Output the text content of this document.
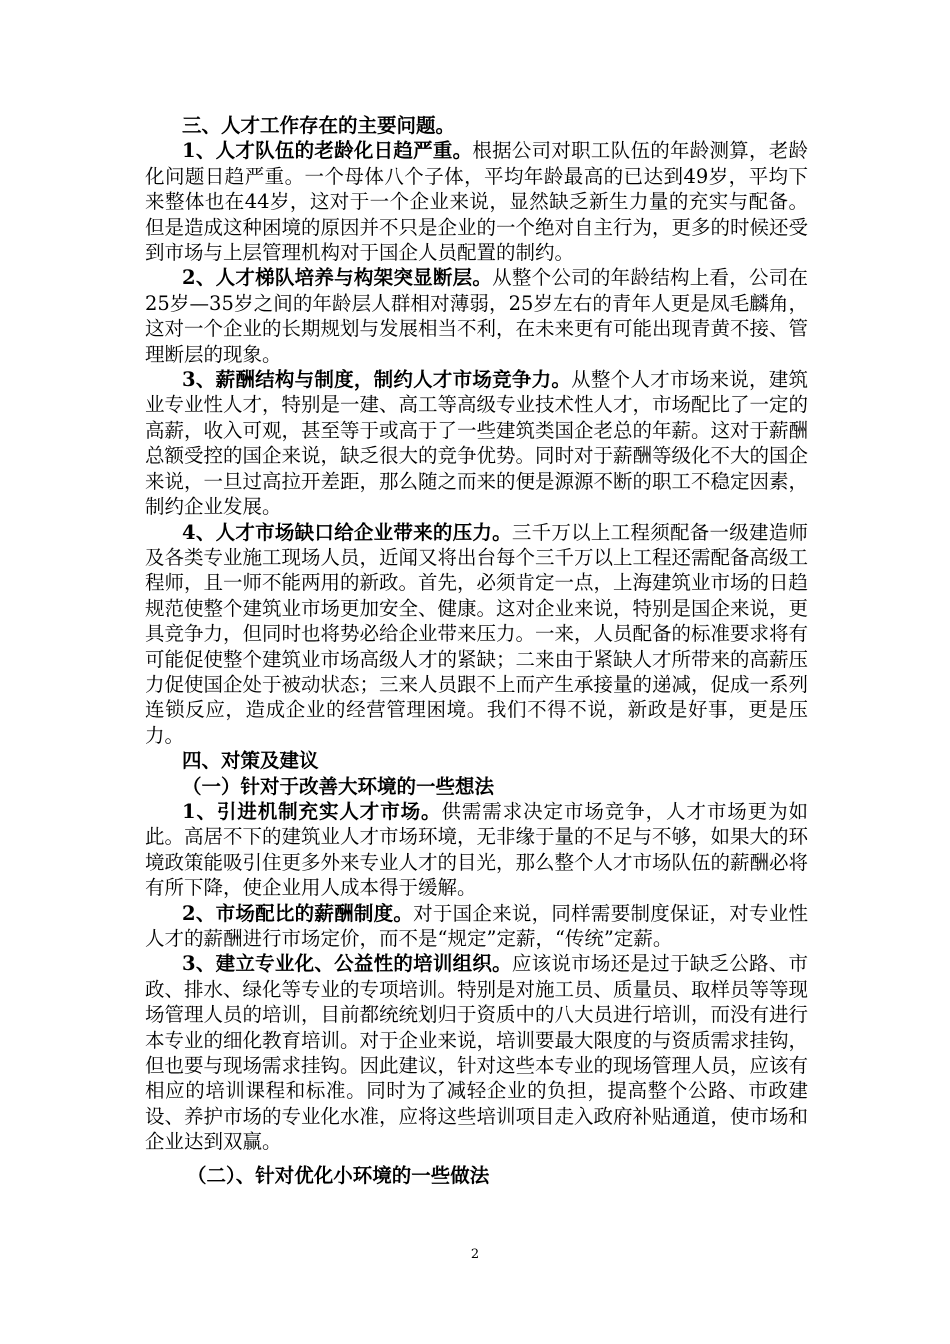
三、人才工作存在的主要问题。

1、人才队伍的老龄化日趋严重。根据公司对职工队伍的年龄测算，老龄化问题日趋严重。一个母体八个子体，平均年龄最高的已达到49岁，平均下来整体也在44岁，这对于一个企业来说，显然缺乏新生力量的充实与配备。但是造成这种困境的原因并不只是企业的一个绝对自主行为，更多的时候还受到市场与上层管理机构对于国企人员配置的制约。

2、人才梯队培养与构架突显断层。从整个公司的年龄结构上看，公司在25岁—35岁之间的年龄层人群相对薄弱，25岁左右的青年人更是凤毛麟角，这对一个企业的长期规划与发展相当不利，在未来更有可能出现青黄不接、管理断层的现象。

3、薪酬结构与制度，制约人才市场竞争力。从整个人才市场来说，建筑业专业性人才，特别是一建、高工等高级专业技术性人才，市场配比了一定的高薪，收入可观，甚至等于或高于了一些建筑类国企老总的年薪。这对于薪酬总额受控的国企来说，缺乏很大的竞争优势。同时对于薪酬等级化不大的国企来说，一旦过高拉开差距，那么随之而来的便是源源不断的职工不稳定因素，制约企业发展。

4、人才市场缺口给企业带来的压力。三千万以上工程须配备一级建造师及各类专业施工现场人员，近闻又将出台每个三千万以上工程还需配备高级工程师，且一师不能两用的新政。首先，必须肯定一点，上海建筑业市场的日趋规范使整个建筑业市场更加安全、健康。这对企业来说，特别是国企来说，更具竞争力，但同时也将势必给企业带来压力。一来，人员配备的标准要求将有可能促使整个建筑业市场高级人才的紧缺；二来由于紧缺人才所带来的高薪压力促使国企处于被动状态；三来人员跟不上而产生承接量的递减，促成一系列连锁反应，造成企业的经营管理困境。我们不得不说，新政是好事，更是压力。

四、对策及建议

（一）针对于改善大环境的一些想法

1、引进机制充实人才市场。供需需求决定市场竞争，人才市场更为如此。高居不下的建筑业人才市场环境，无非缘于量的不足与不够，如果大的环境政策能吸引住更多外来专业人才的目光，那么整个人才市场队伍的薪酬必将有所下降，使企业用人成本得于缓解。

2、市场配比的薪酬制度。对于国企来说，同样需要制度保证，对专业性人才的薪酬进行市场定价，而不是“规定”定薪，“传统”定薪。

3、建立专业化、公益性的培训组织。应该说市场还是过于缺乏公路、市政、排水、绿化等专业的专项培训。特别是对施工员、质量员、取样员等等现场管理人员的培训，目前都统统划归于资质中的八大员进行培训，而没有进行本专业的细化教育培训。对于企业来说，培训要最大限度的与资质需求挂钩，但也要与现场需求挂钩。因此建议，针对这些本专业的现场管理人员，应该有相应的培训课程和标准。同时为了减轻企业的负担，提高整个公路、市政建设、养护市场的专业化水准，应将这些培训项目走入政府补贴通道，使市场和企业达到双赢。

（二）、针对优化小环境的一些做法

2
